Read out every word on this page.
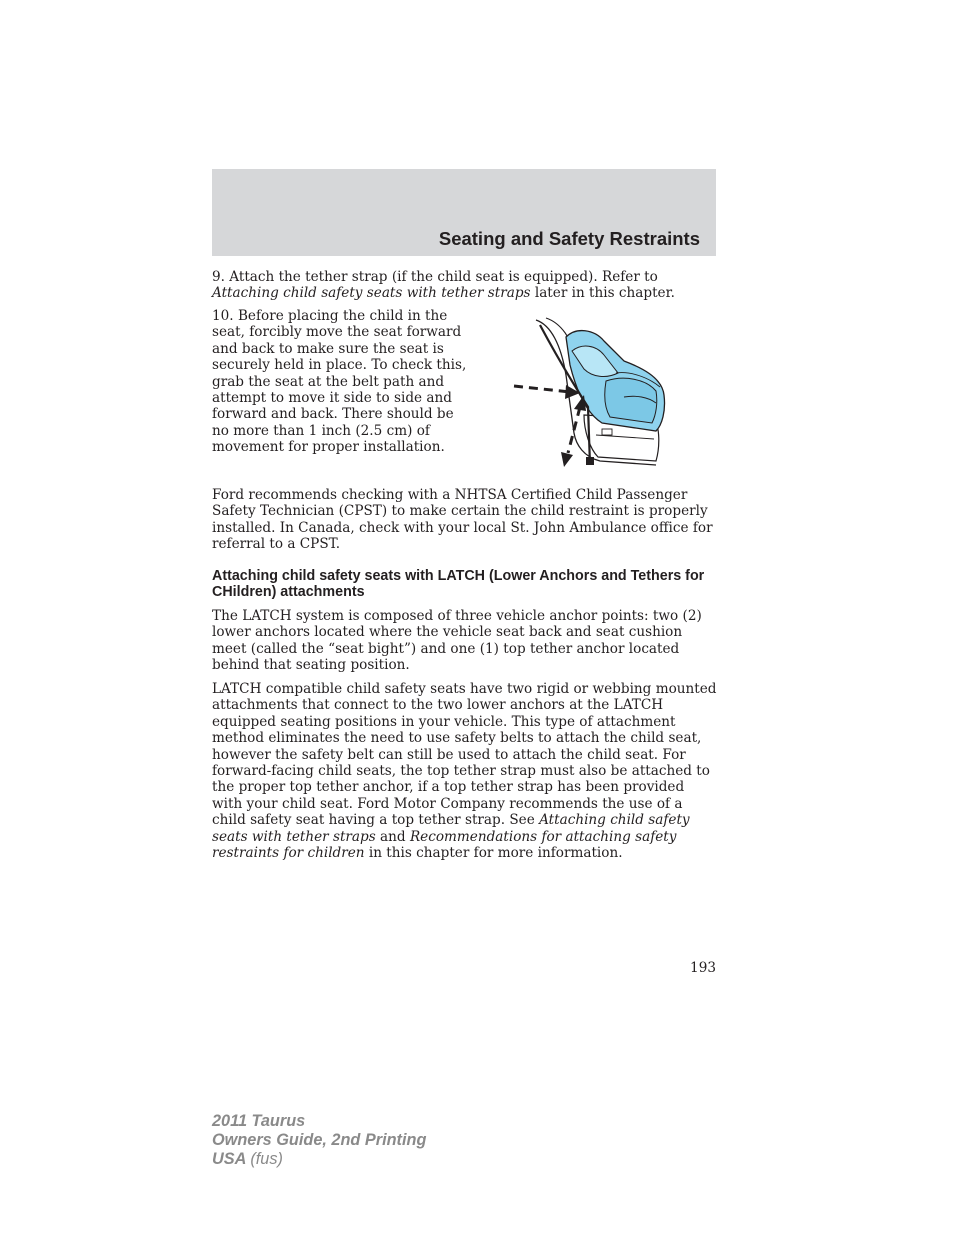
Seating and Safety Restraints

9. Attach the tether strap (if the child seat is equipped). Refer to Attaching child safety seats with tether straps later in this chapter.

10. Before placing the child in the seat, forcibly move the seat forward and back to make sure the seat is securely held in place. To check this, grab the seat at the belt path and attempt to move it side to side and forward and back. There should be no more than 1 inch (2.5 cm) of movement for proper installation.

Ford recommends checking with a NHTSA Certified Child Passenger Safety Technician (CPST) to make certain the child restraint is properly installed. In Canada, check with your local St. John Ambulance office for referral to a CPST.

Attaching child safety seats with LATCH (Lower Anchors and Tethers for CHildren) attachments

The LATCH system is composed of three vehicle anchor points: two (2) lower anchors located where the vehicle seat back and seat cushion meet (called the “seat bight”) and one (1) top tether anchor located behind that seating position.

LATCH compatible child safety seats have two rigid or webbing mounted attachments that connect to the two lower anchors at the LATCH equipped seating positions in your vehicle. This type of attachment method eliminates the need to use safety belts to attach the child seat, however the safety belt can still be used to attach the child seat. For forward-facing child seats, the top tether strap must also be attached to the proper top tether anchor, if a top tether strap has been provided with your child seat. Ford Motor Company recommends the use of a child safety seat having a top tether strap. See Attaching child safety seats with tether straps and Recommendations for attaching safety restraints for children in this chapter for more information.

193
2011 Taurus
Owners Guide, 2nd Printing
USA (fus)
